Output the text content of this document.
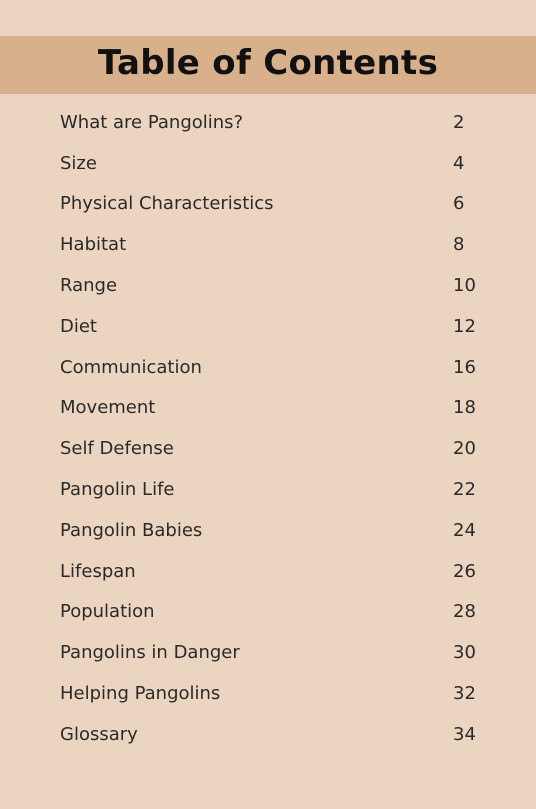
Table of Contents
What are Pangolins?	2
Size	4
Physical Characteristics	6
Habitat	8
Range	10
Diet	12
Communication	16
Movement	18
Self Defense	20
Pangolin Life	22
Pangolin Babies	24
Lifespan	26
Population	28
Pangolins in Danger	30
Helping Pangolins	32
Glossary	34
